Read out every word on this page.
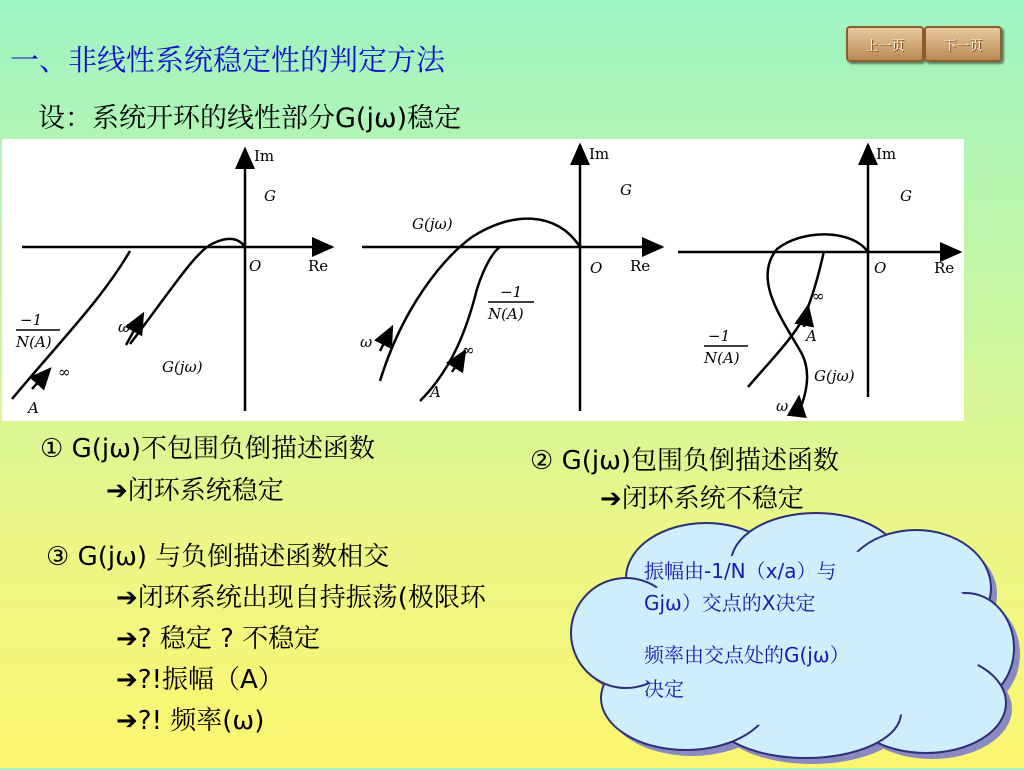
一、非线性系统稳定性的判定方法	上一页	下一页
设：系统开环的线性部分G(jω)稳定
Im
Re
O
G
G(jω)
ω
−1
N(A)
∞
A
Im
Re
O
G
G(jω)
−1
N(A)
ω	∞
A
Im
Re
O
G
G(jω)
−1
N(A)
∞
A
ω
① G(jω)不包围负倒描述函数
➔闭环系统稳定
② G(jω)包围负倒描述函数
➔闭环系统不稳定
③ G(jω) 与负倒描述函数相交
➔闭环系统出现自持振荡(极限环
➔? 稳定 ? 不稳定
➔?!振幅（A）
➔?! 频率(ω)
振幅由-1/N（x/a）与
Gjω）交点的X决定
频率由交点处的G(jω）
决定
